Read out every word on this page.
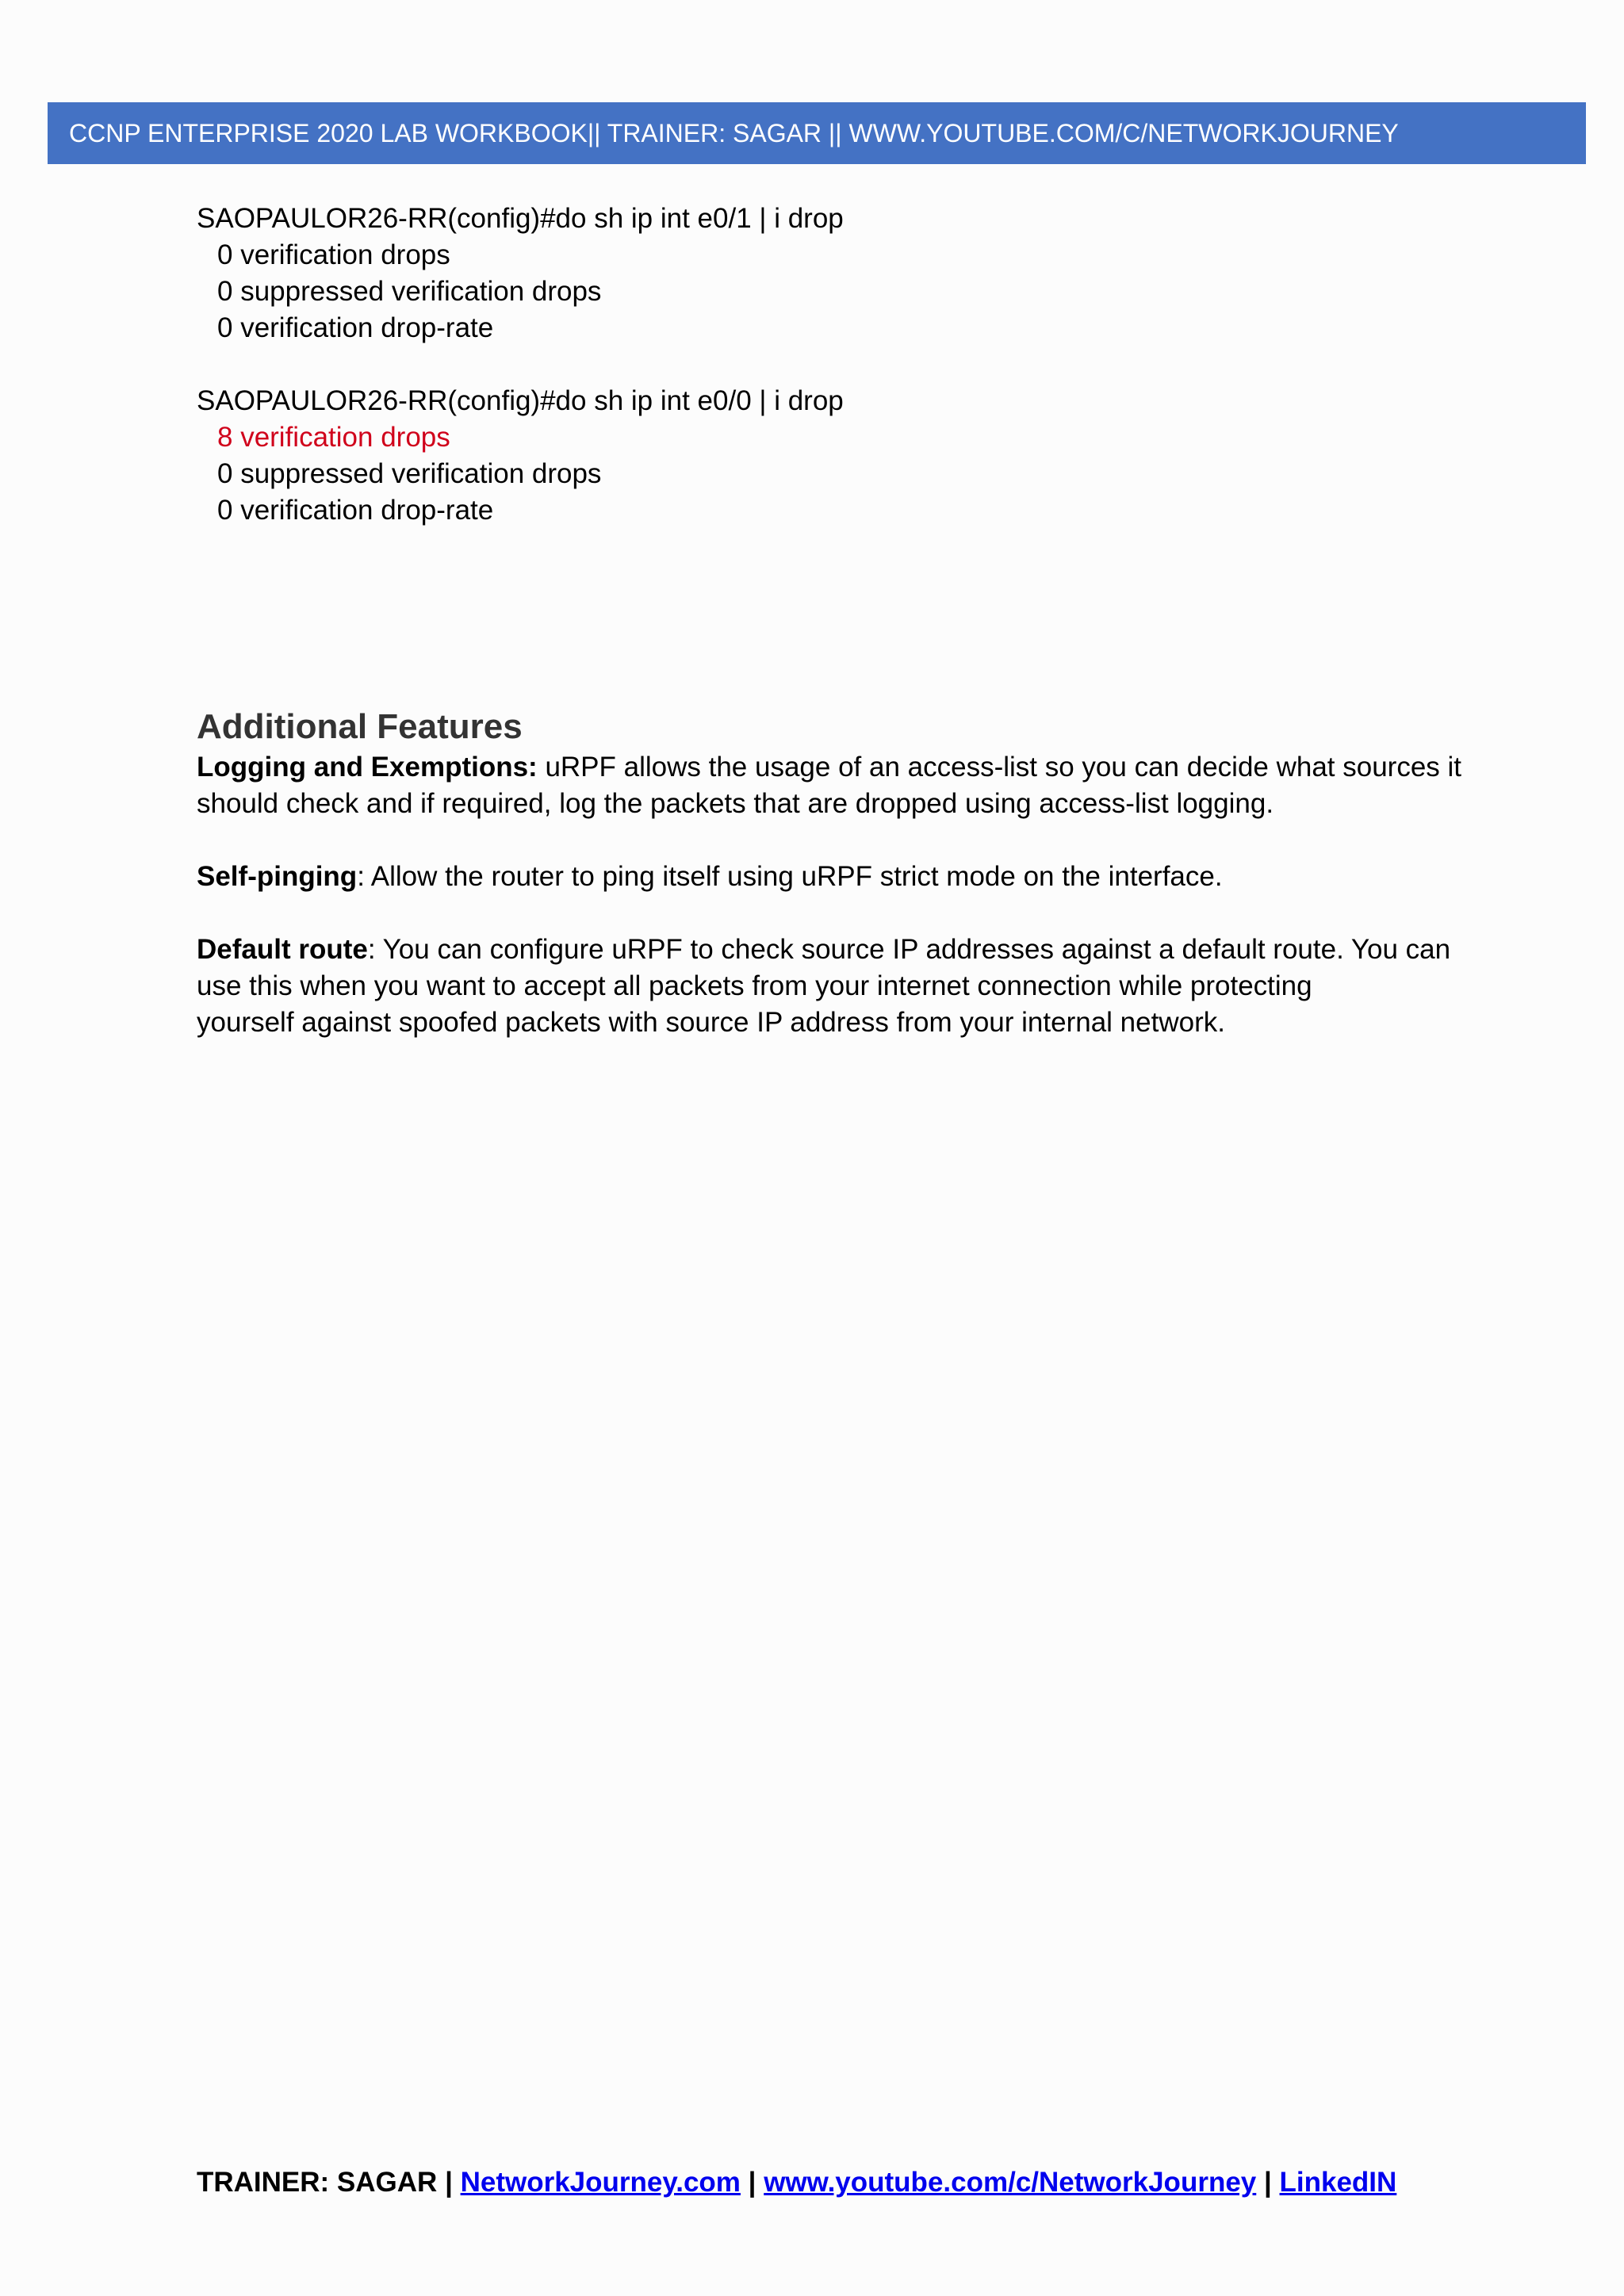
CCNP ENTERPRISE 2020 LAB WORKBOOK|| TRAINER: SAGAR || WWW.YOUTUBE.COM/C/NETWORKJOURNEY
SAOPAULOR26-RR(config)#do sh ip int e0/1 | i drop
0 verification drops
0 suppressed verification drops
0 verification drop-rate
SAOPAULOR26-RR(config)#do sh ip int e0/0 | i drop
8 verification drops
0 suppressed verification drops
0 verification drop-rate
Additional Features
Logging and Exemptions: uRPF allows the usage of an access-list so you can decide what sources it
should check and if required, log the packets that are dropped using access-list logging.
Self-pinging: Allow the router to ping itself using uRPF strict mode on the interface.
Default route: You can configure uRPF to check source IP addresses against a default route. You can
use this when you want to accept all packets from your internet connection while protecting
yourself against spoofed packets with source IP address from your internal network.
TRAINER: SAGAR | NetworkJourney.com | www.youtube.com/c/NetworkJourney | LinkedIN
